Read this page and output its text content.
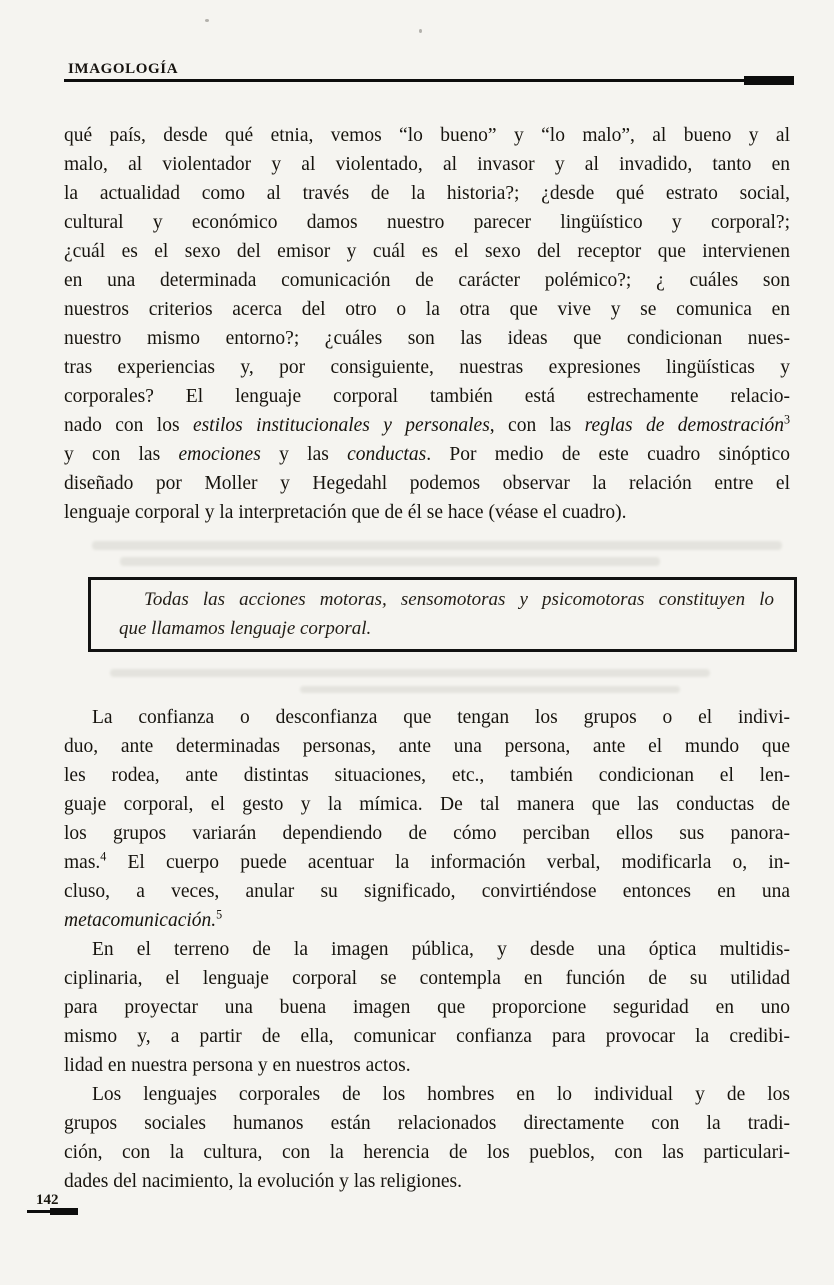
IMAGOLOGÍA

qué país, desde qué etnia, vemos “lo bueno” y “lo malo”, al bueno y al
malo, al violentador y al violentado, al invasor y al invadido, tanto en
la actualidad como al través de la historia?; ¿desde qué estrato social,
cultural y económico damos nuestro parecer lingüístico y corporal?;
¿cuál es el sexo del emisor y cuál es el sexo del receptor que intervienen
en una determinada comunicación de carácter polémico?; ¿ cuáles son
nuestros criterios acerca del otro o la otra que vive y se comunica en
nuestro mismo entorno?; ¿cuáles son las ideas que condicionan nues-
tras experiencias y, por consiguiente, nuestras expresiones lingüísticas y
corporales? El lenguaje corporal también está estrechamente relacio-
nado con los estilos institucionales y personales, con las reglas de demostración$^3$
y con las emociones y las conductas. Por medio de este cuadro sinóptico
diseñado por Moller y Hegedahl podemos observar la relación entre el
lenguaje corporal y la interpretación que de él se hace (véase el cuadro).

Todas las acciones motoras, sensomotoras y psicomotoras constituyen lo
que llamamos lenguaje corporal.

La confianza o desconfianza que tengan los grupos o el indivi-
duo, ante determinadas personas, ante una persona, ante el mundo que
les rodea, ante distintas situaciones, etc., también condicionan el len-
guaje corporal, el gesto y la mímica. De tal manera que las conductas de
los grupos variarán dependiendo de cómo perciban ellos sus panora-
mas.$^4$ El cuerpo puede acentuar la información verbal, modificarla o, in-
cluso, a veces, anular su significado, convirtiéndose entonces en una
metacomunicación.$^5$

En el terreno de la imagen pública, y desde una óptica multidis-
ciplinaria, el lenguaje corporal se contempla en función de su utilidad
para proyectar una buena imagen que proporcione seguridad en uno
mismo y, a partir de ella, comunicar confianza para provocar la credibi-
lidad en nuestra persona y en nuestros actos.

Los lenguajes corporales de los hombres en lo individual y de los
grupos sociales humanos están relacionados directamente con la tradi-
ción, con la cultura, con la herencia de los pueblos, con las particulari-
dades del nacimiento, la evolución y las religiones.

142
